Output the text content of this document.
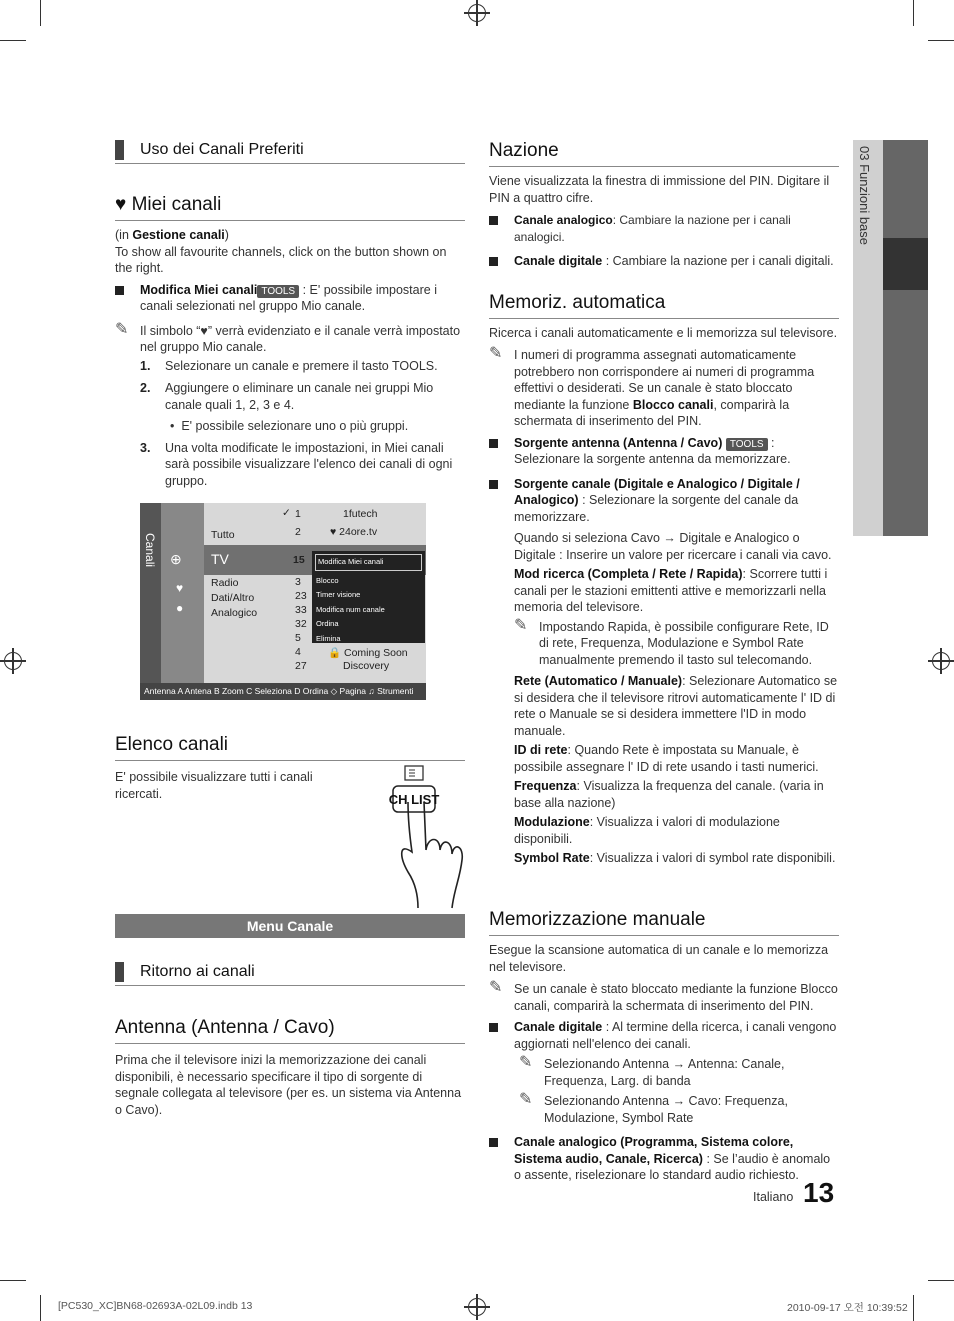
03 Funzioni base
Uso dei Canali Preferiti
♥ Miei canali
(in Gestione canali)
To show all favourite channels, click on the button shown on the right.
Modifica Miei canali TOOLS : E' possibile impostare i canali selezionati nel gruppo Mio canale.
✎ Il simbolo “♥” verrà evidenziato e il canale verrà impostato nel gruppo Mio canale.
1. Selezionare un canale e premere il tasto TOOLS.
2. Aggiungere o eliminare un canale nei gruppi Mio canale quali 1, 2, 3 e 4.
•  E' possibile selezionare uno o più gruppi.
3. Una volta modificate le impostazioni, in Miei canali sarà possibile visualizzare l'elenco dei canali di ogni gruppo.
Canali ⊕
♥
●
Tutto
TV
Radio
Dati/Altro
Analogico
✓ 1
2
15
3
23
33
32
5
4
27
1futech
♥ 24ore.tv
🔒 Coming Soon
Discovery
Modifica Miei canali
Blocco
Timer visione
Modifica num canale
Ordina
Elimina
Antenna A Antena B Zoom C Seleziona D Ordina ◇ Pagina ♫ Strumenti
Elenco canali
E' possibile visualizzare tutti i canali ricercati.	CH LIST
Menu Canale
Ritorno ai canali
Antenna (Antenna / Cavo)
Prima che il televisore inizi la memorizzazione dei canali disponibili, è necessario specificare il tipo di sorgente di segnale collegata al televisore (per es. un sistema via Antenna o Cavo).
Nazione
Viene visualizzata la finestra di immissione del PIN. Digitare il PIN a quattro cifre.
Canale analogico: Cambiare la nazione per i canali analogici.
Canale digitale : Cambiare la nazione per i canali digitali.
Memoriz. automatica
Ricerca i canali automaticamente e li memorizza sul televisore.
✎ I numeri di programma assegnati automaticamente potrebbero non corrispondere ai numeri di programma effettivi o desiderati. Se un canale è stato bloccato mediante la funzione Blocco canali, comparirà la schermata di inserimento del PIN.
Sorgente antenna (Antenna / Cavo) TOOLS : Selezionare la sorgente antenna da memorizzare.
Sorgente canale (Digitale e Analogico / Digitale / Analogico) : Selezionare la sorgente del canale da memorizzare.
Quando si seleziona Cavo → Digitale e Analogico o Digitale : Inserire un valore per ricercare i canali via cavo.
Mod ricerca (Completa / Rete / Rapida): Scorrere tutti i canali per le stazioni emittenti attive e memorizzarli nella memoria del televisore.
✎ Impostando Rapida, è possibile configurare Rete, ID di rete, Frequenza, Modulazione e Symbol Rate manualmente premendo il tasto sul telecomando.
Rete (Automatico / Manuale): Selezionare Automatico se si desidera che il televisore ritrovi automaticamente l' ID di rete o Manuale se si desidera immettere l'ID in modo manuale.
ID di rete: Quando Rete è impostata su Manuale, è possibile assegnare l' ID di rete usando i tasti numerici.
Frequenza: Visualizza la frequenza del canale. (varia in base alla nazione)
Modulazione: Visualizza i valori di modulazione disponibili.
Symbol Rate: Visualizza i valori di symbol rate disponibili.
Memorizzazione manuale
Esegue la scansione automatica di un canale e lo memorizza nel televisore.
✎ Se un canale è stato bloccato mediante la funzione Blocco canali, comparirà la schermata di inserimento del PIN.
Canale digitale : Al termine della ricerca, i canali vengono aggiornati nell'elenco dei canali.
✎ Selezionando Antenna → Antenna: Canale, Frequenza, Larg. di banda
✎ Selezionando Antenna → Cavo: Frequenza, Modulazione, Symbol Rate
Canale analogico (Programma, Sistema colore, Sistema audio, Canale, Ricerca) : Se l’audio è anomalo o assente, riselezionare lo standard audio richiesto.
Italiano 13
[PC530_XC]BN68-02693A-02L09.indb 13	2010-09-17 오전 10:39:52
